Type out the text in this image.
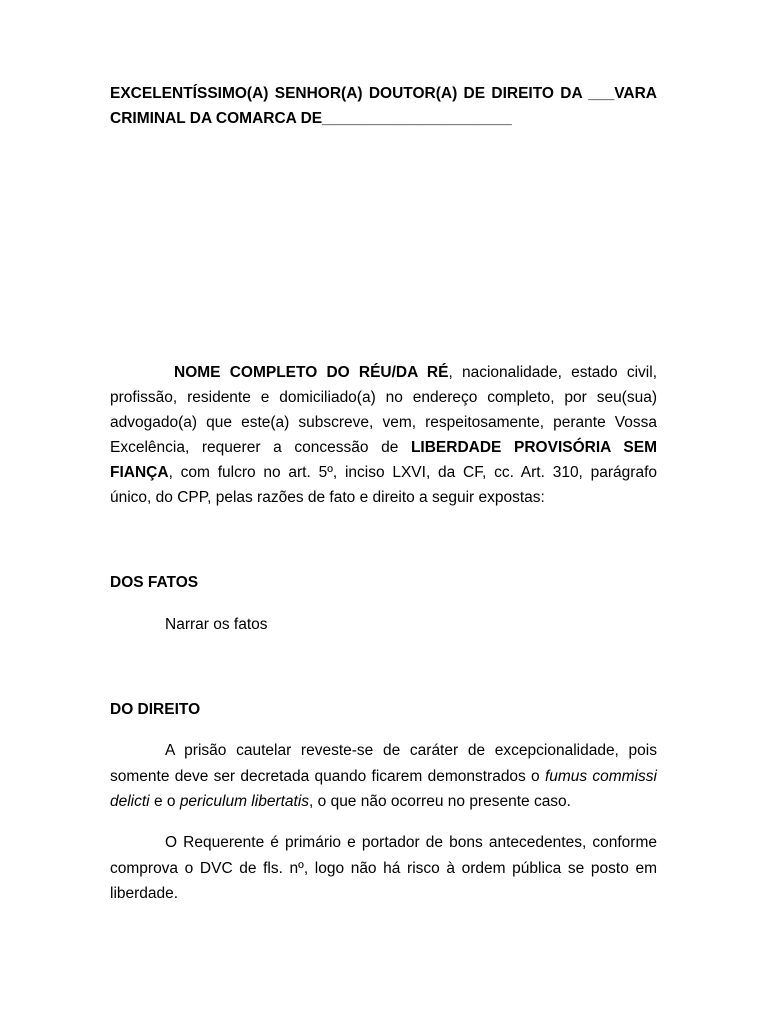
EXCELENTÍSSIMO(A) SENHOR(A) DOUTOR(A) DE DIREITO DA ___VARA
CRIMINAL DA COMARCA DE______________________
NOME COMPLETO DO RÉU/DA RÉ, nacionalidade, estado civil,
profissão, residente e domiciliado(a) no endereço completo, por seu(sua)
advogado(a) que este(a) subscreve, vem, respeitosamente, perante Vossa
Excelência, requerer a concessão de LIBERDADE PROVISÓRIA SEM
FIANÇA, com fulcro no art. 5º, inciso LXVI, da CF, cc. Art. 310, parágrafo
único, do CPP, pelas razões de fato e direito a seguir expostas:
DOS FATOS
Narrar os fatos
DO DIREITO
A prisão cautelar reveste-se de caráter de excepcionalidade, pois
somente deve ser decretada quando ficarem demonstrados o fumus commissi
delicti e o periculum libertatis, o que não ocorreu no presente caso.
O Requerente é primário e portador de bons antecedentes, conforme
comprova o DVC de fls. nº, logo não há risco à ordem pública se posto em
liberdade.
